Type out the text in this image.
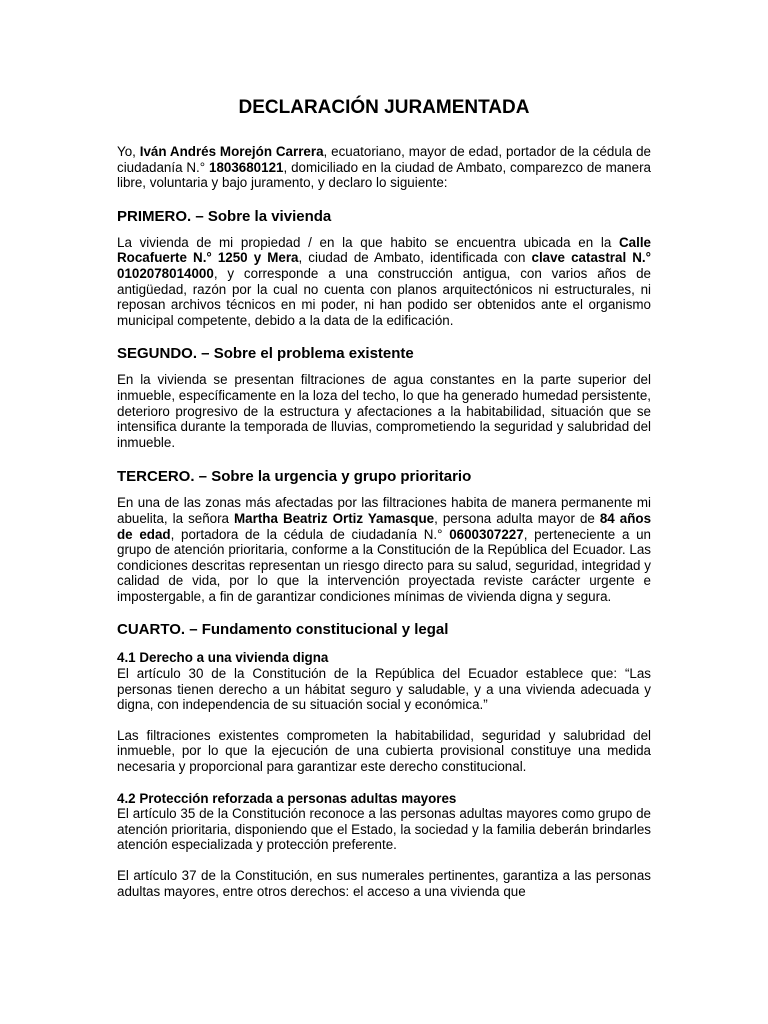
DECLARACIÓN JURAMENTADA

Yo, Iván Andrés Morejón Carrera, ecuatoriano, mayor de edad, portador de la cédula de ciudadanía N.° 1803680121, domiciliado en la ciudad de Ambato, comparezco de manera libre, voluntaria y bajo juramento, y declaro lo siguiente:

PRIMERO. – Sobre la vivienda

La vivienda de mi propiedad / en la que habito se encuentra ubicada en la Calle Rocafuerte N.° 1250 y Mera, ciudad de Ambato, identificada con clave catastral N.° 0102078014000, y corresponde a una construcción antigua, con varios años de antigüedad, razón por la cual no cuenta con planos arquitectónicos ni estructurales, ni reposan archivos técnicos en mi poder, ni han podido ser obtenidos ante el organismo municipal competente, debido a la data de la edificación.

SEGUNDO. – Sobre el problema existente

En la vivienda se presentan filtraciones de agua constantes en la parte superior del inmueble, específicamente en la loza del techo, lo que ha generado humedad persistente, deterioro progresivo de la estructura y afectaciones a la habitabilidad, situación que se intensifica durante la temporada de lluvias, comprometiendo la seguridad y salubridad del inmueble.

TERCERO. – Sobre la urgencia y grupo prioritario

En una de las zonas más afectadas por las filtraciones habita de manera permanente mi abuelita, la señora Martha Beatriz Ortiz Yamasque, persona adulta mayor de 84 años de edad, portadora de la cédula de ciudadanía N.° 0600307227, perteneciente a un grupo de atención prioritaria, conforme a la Constitución de la República del Ecuador. Las condiciones descritas representan un riesgo directo para su salud, seguridad, integridad y calidad de vida, por lo que la intervención proyectada reviste carácter urgente e impostergable, a fin de garantizar condiciones mínimas de vivienda digna y segura.

CUARTO. – Fundamento constitucional y legal
4.1 Derecho a una vivienda digna

El artículo 30 de la Constitución de la República del Ecuador establece que: “Las personas tienen derecho a un hábitat seguro y saludable, y a una vivienda adecuada y digna, con independencia de su situación social y económica.”

Las filtraciones existentes comprometen la habitabilidad, seguridad y salubridad del inmueble, por lo que la ejecución de una cubierta provisional constituye una medida necesaria y proporcional para garantizar este derecho constitucional.

4.2 Protección reforzada a personas adultas mayores

El artículo 35 de la Constitución reconoce a las personas adultas mayores como grupo de atención prioritaria, disponiendo que el Estado, la sociedad y la familia deberán brindarles atención especializada y protección preferente.

El artículo 37 de la Constitución, en sus numerales pertinentes, garantiza a las personas adultas mayores, entre otros derechos: el acceso a una vivienda que
